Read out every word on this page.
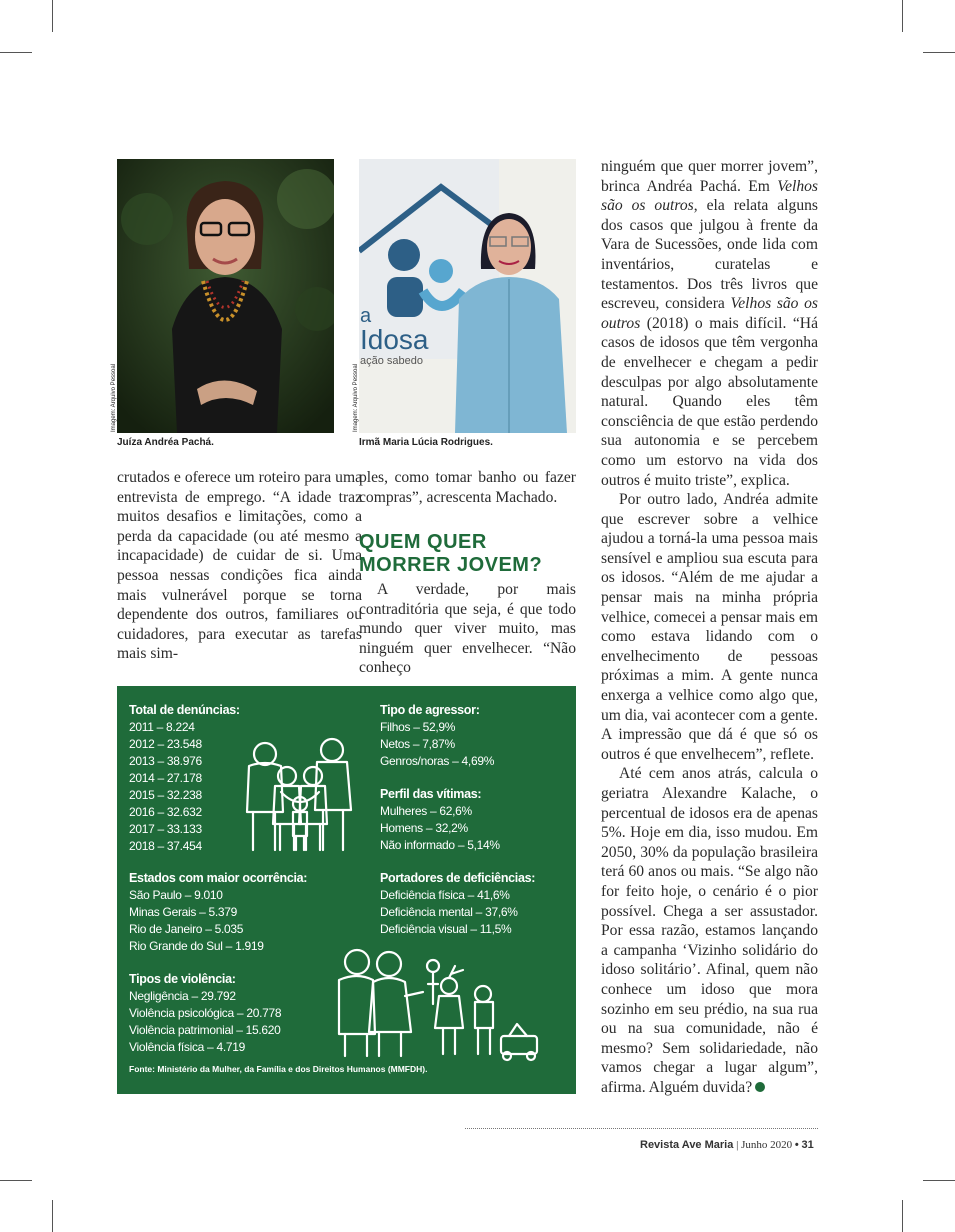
Imagem: Arquivo Pessoal
Juíza Andréa Pachá.
a
Idosa
ação sabedo
Imagem: Arquivo Pessoal
Irmã Maria Lúcia Rodrigues.

crutados e oferece um roteiro para uma entrevista de emprego. “A idade traz muitos desafios e limitações, como a perda da capacidade (ou até mesmo a incapacidade) de cuidar de si. Uma pessoa nessas condições fica ainda mais vulnerável porque se torna dependente dos outros, familiares ou cuidadores, para executar as tarefas mais sim-

ples, como tomar banho ou fazer compras”, acrescenta Machado.

QUEM QUER
MORRER JOVEM?

A verdade, por mais contraditória que seja, é que todo mundo quer viver muito, mas ninguém quer envelhecer. “Não conheço

ninguém que quer morrer jovem”, brinca Andréa Pachá. Em Velhos são os outros, ela relata alguns dos casos que julgou à frente da Vara de Sucessões, onde lida com inventários, curatelas e testamentos. Dos três livros que escreveu, considera Velhos são os outros (2018) o mais difícil. “Há casos de idosos que têm vergonha de envelhecer e chegam a pedir desculpas por algo absolutamente natural. Quando eles têm consciência de que estão perdendo sua autonomia e se percebem como um estorvo na vida dos outros é muito triste”, explica.

Por outro lado, Andréa admite que escrever sobre a velhice ajudou a torná-la uma pessoa mais sensível e ampliou sua escuta para os idosos. “Além de me ajudar a pensar mais na minha própria velhice, comecei a pensar mais em como estava lidando com o envelhecimento de pessoas próximas a mim. A gente nunca enxerga a velhice como algo que, um dia, vai acontecer com a gente. A impressão que dá é que só os outros é que envelhecem”, reflete.

Até cem anos atrás, calcula o geriatra Alexandre Kalache, o percentual de idosos era de apenas 5%. Hoje em dia, isso mudou. Em 2050, 30% da população brasileira terá 60 anos ou mais. “Se algo não for feito hoje, o cenário é o pior possível. Chega a ser assustador. Por essa razão, estamos lançando a campanha ‘Vizinho solidário do idoso solitário’. Afinal, quem não conhece um idoso que mora sozinho em seu prédio, na sua rua ou na sua comunidade, não é mesmo? Sem solidariedade, não vamos chegar a lugar algum”, afirma. Alguém duvida?

Total de denúncias:
2011 – 8.224
2012 – 23.548
2013 – 38.976
2014 – 27.178
2015 – 32.238
2016 – 32.632
2017 – 33.133
2018 – 37.454
Estados com maior ocorrência:
São Paulo – 9.010
Minas Gerais – 5.379
Rio de Janeiro – 5.035
Rio Grande do Sul – 1.919
Tipos de violência:
Negligência – 29.792
Violência psicológica – 20.778
Violência patrimonial – 15.620
Violência física – 4.719
Tipo de agressor:
Filhos – 52,9%
Netos – 7,87%
Genros/noras – 4,69%
Perfil das vítimas:
Mulheres – 62,6%
Homens – 32,2%
Não informado – 5,14%
Portadores de deficiências:
Deficiência física – 41,6%
Deficiência mental – 37,6%
Deficiência visual – 11,5%
Fonte: Ministério da Mulher, da Família e dos Direitos Humanos (MMFDH).
Revista Ave Maria | Junho 2020 • 31
